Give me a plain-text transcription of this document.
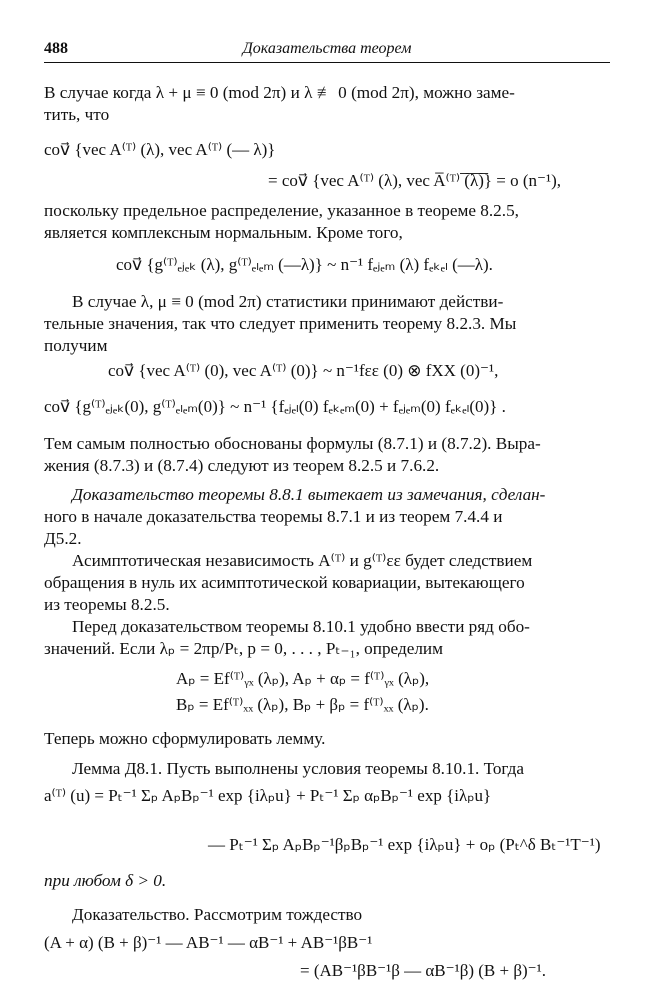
488	Доказательства теорем
В случае когда λ + μ ≡ 0 (mod 2π) и λ ≢ 0 (mod 2π), можно заме-
тить, что
cov⃗ {vec A⁽ᵀ⁾ (λ), vec A⁽ᵀ⁾ (— λ)}
= cov⃗ {vec A⁽ᵀ⁾ (λ), vec A̅⁽ᵀ⁾ ̅(̅λ̅)̅} = o (n⁻¹),
поскольку предельное распределение, указанное в теореме 8.2.5,
является комплексным нормальным. Кроме того,
cov⃗ {g⁽ᵀ⁾ₑⱼₑₖ (λ), g⁽ᵀ⁾ₑₗₑₘ (—λ)} ~ n⁻¹ fₑⱼₑₘ (λ) fₑₖₑₗ (—λ).
В случае λ, μ ≡ 0 (mod 2π) статистики принимают действи-
тельные значения, так что следует применить теорему 8.2.3. Мы
получим
cov⃗ {vec A⁽ᵀ⁾ (0), vec A⁽ᵀ⁾ (0)} ~ n⁻¹fεε (0) ⊗ fXX (0)⁻¹,
cov⃗ {g⁽ᵀ⁾ₑⱼₑₖ(0), g⁽ᵀ⁾ₑₗₑₘ(0)} ~ n⁻¹ {fₑⱼₑₗ(0) fₑₖₑₘ(0) + fₑⱼₑₘ(0) fₑₖₑₗ(0)} .
Тем самым полностью обоснованы формулы (8.7.1) и (8.7.2). Выра-
жения (8.7.3) и (8.7.4) следуют из теорем 8.2.5 и 7.6.2.
Доказательство теоремы 8.8.1 вытекает из замечания, сделан-
ного в начале доказательства теоремы 8.7.1 и из теорем 7.4.4 и
Д5.2.
Асимптотическая независимость A⁽ᵀ⁾ и g⁽ᵀ⁾εε будет следствием
обращения в нуль их асимптотической ковариации, вытекающего
из теоремы 8.2.5.
Перед доказательством теоремы 8.10.1 удобно ввести ряд обо-
значений. Если λₚ = 2πp/Pₜ, p = 0, . . . , Pₜ₋₁, определим
Aₚ = Ef⁽ᵀ⁾ᵧₓ (λₚ), Aₚ + αₚ = f⁽ᵀ⁾ᵧₓ (λₚ),
Bₚ = Ef⁽ᵀ⁾ₓₓ (λₚ), Bₚ + βₚ = f⁽ᵀ⁾ₓₓ (λₚ).
Теперь можно сформулировать лемму.
Лемма Д8.1. Пусть выполнены условия теоремы 8.10.1. Тогда
a⁽ᵀ⁾ (u) = Pₜ⁻¹ Σₚ AₚBₚ⁻¹ exp {iλₚu} + Pₜ⁻¹ Σₚ αₚBₚ⁻¹ exp {iλₚu}
— Pₜ⁻¹ Σₚ AₚBₚ⁻¹βₚBₚ⁻¹ exp {iλₚu} + oₚ (Pₜ^δ Bₜ⁻¹T⁻¹)
при любом δ > 0.
Доказательство. Рассмотрим тождество
(A + α) (B + β)⁻¹ — AB⁻¹ — αB⁻¹ + AB⁻¹βB⁻¹
= (AB⁻¹βB⁻¹β — αB⁻¹β) (B + β)⁻¹.
